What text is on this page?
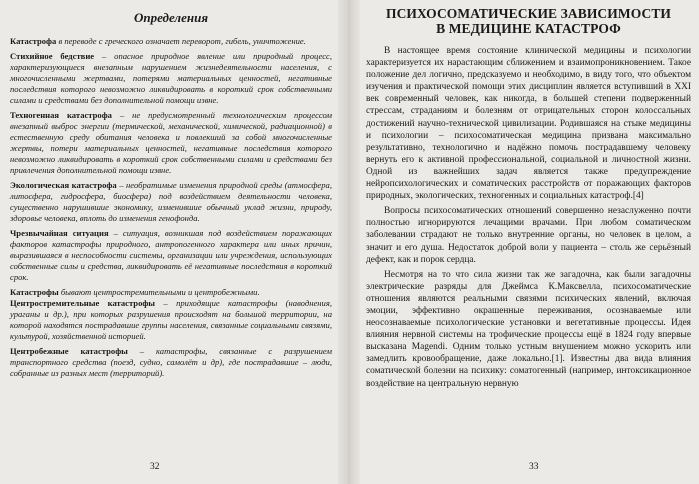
Определения
Катастрофа в переводе с греческого означает переворот, гибель, уничтожение.
Стихийное бедствие – опасное природное явление или природный процесс, характеризующиеся внезапным нарушением жизнедеятельности населения, с многочисленными жертвами, потерями материальных ценностей, негативные последствия которого невозможно ликвидировать в короткий срок собственными силами и средствами без дополнительной помощи извне.
Техногенная катастрофа – не предусмотренный технологическим процессом внезапный выброс энергии (термической, механической, химической, радиационной) в естественную среду обитания человека и повлекший за собой многочисленные жертвы, потери материальных ценностей, негативные последствия которого невозможно ликвидировать в короткий срок собственными силами и средствами без привлечения дополнительной помощи извне.
Экологическая катастрофа – необратимые изменения природной среды (атмосфера, литосфера, гидросфера, биосфера) под воздействием деятельности человека, существенно нарушившие экономику, изменившие обычный уклад жизни, природу, здоровье человека, вплоть до изменения генофонда.
Чрезвычайная ситуация – ситуация, возникшая под воздействием поражающих факторов катастрофы природного, антропогенного характера или иных причин, выразившаяся в неспособности системы, организации или учреждения, использующих собственные силы и средства, ликвидировать её негативные последствия в короткий срок.
Катастрофы бывают центростремительными и центробежными.
Центростремительные катастрофы – приходящие катастрофы (наводнения, ураганы и др.), при которых разрушения происходят на большой территории, на которой находятся пострадавшие группы населения, связанные социальными связями, культурой, хозяйственной историей.
Центробежные катастрофы – катастрофы, связанные с разрушением транспортного средства (поезд, судно, самолёт и др), где пострадавшие – люди, собранные из разных мест (территорий).
32
ПСИХОСОМАТИЧЕСКИЕ ЗАВИСИМОСТИ
В МЕДИЦИНЕ КАТАСТРОФ

В настоящее время состояние клинической медицины и психологии характеризуется их нарастающим сближением и взаимопроникновением. Такое положение дел логично, предсказуемо и необходимо, в виду того, что объектом изучения и практической помощи этих дисциплин является вступивший в XXI век современный человек, как никогда, в большей степени подверженный стрессам, страданиям и болезням от отрицательных сторон колоссальных достижений научно-технической цивилизации. Родившаяся на стыке медицины и психологии – психосоматическая медицина призвана максимально результативно, технологично и надёжно помочь пострадавшему человеку вернуть его к активной профессиональной, социальной и личностной жизни. Одной из важнейших задач является также предупреждение нейропсихологических и соматических расстройств от поражающих факторов природных, экологических, техногенных и социальных катастроф.[4]

Вопросы психосоматических отношений совершенно незаслуженно почти полностью игнорируются лечащими врачами. При любом соматическом заболевании страдают не только внутренние органы, но человек в целом, а значит и его душа. Недостаток доброй воли у пациента – столь же серьёзный дефект, как и порок сердца.

Несмотря на то что сила жизни так же загадочна, как были загадочны электрические разряды для Джеймса К.Максвелла, психосоматические отношения являются реальными связями психических явлений, включая эмоции, эффективно окрашенные переживания, осознаваемые или неосознаваемые психологические установки и вегетативные процессы. Идея влияния нервной системы на трофические процессы ещё в 1824 году впервые высказана Magendi. Одним только устным внушением можно ускорить или замедлить кровообращение, даже локально.[1]. Известны два вида влияния соматической болезни на психику: соматогенный (например, интоксикационное воздействие на центральную нервную

33
